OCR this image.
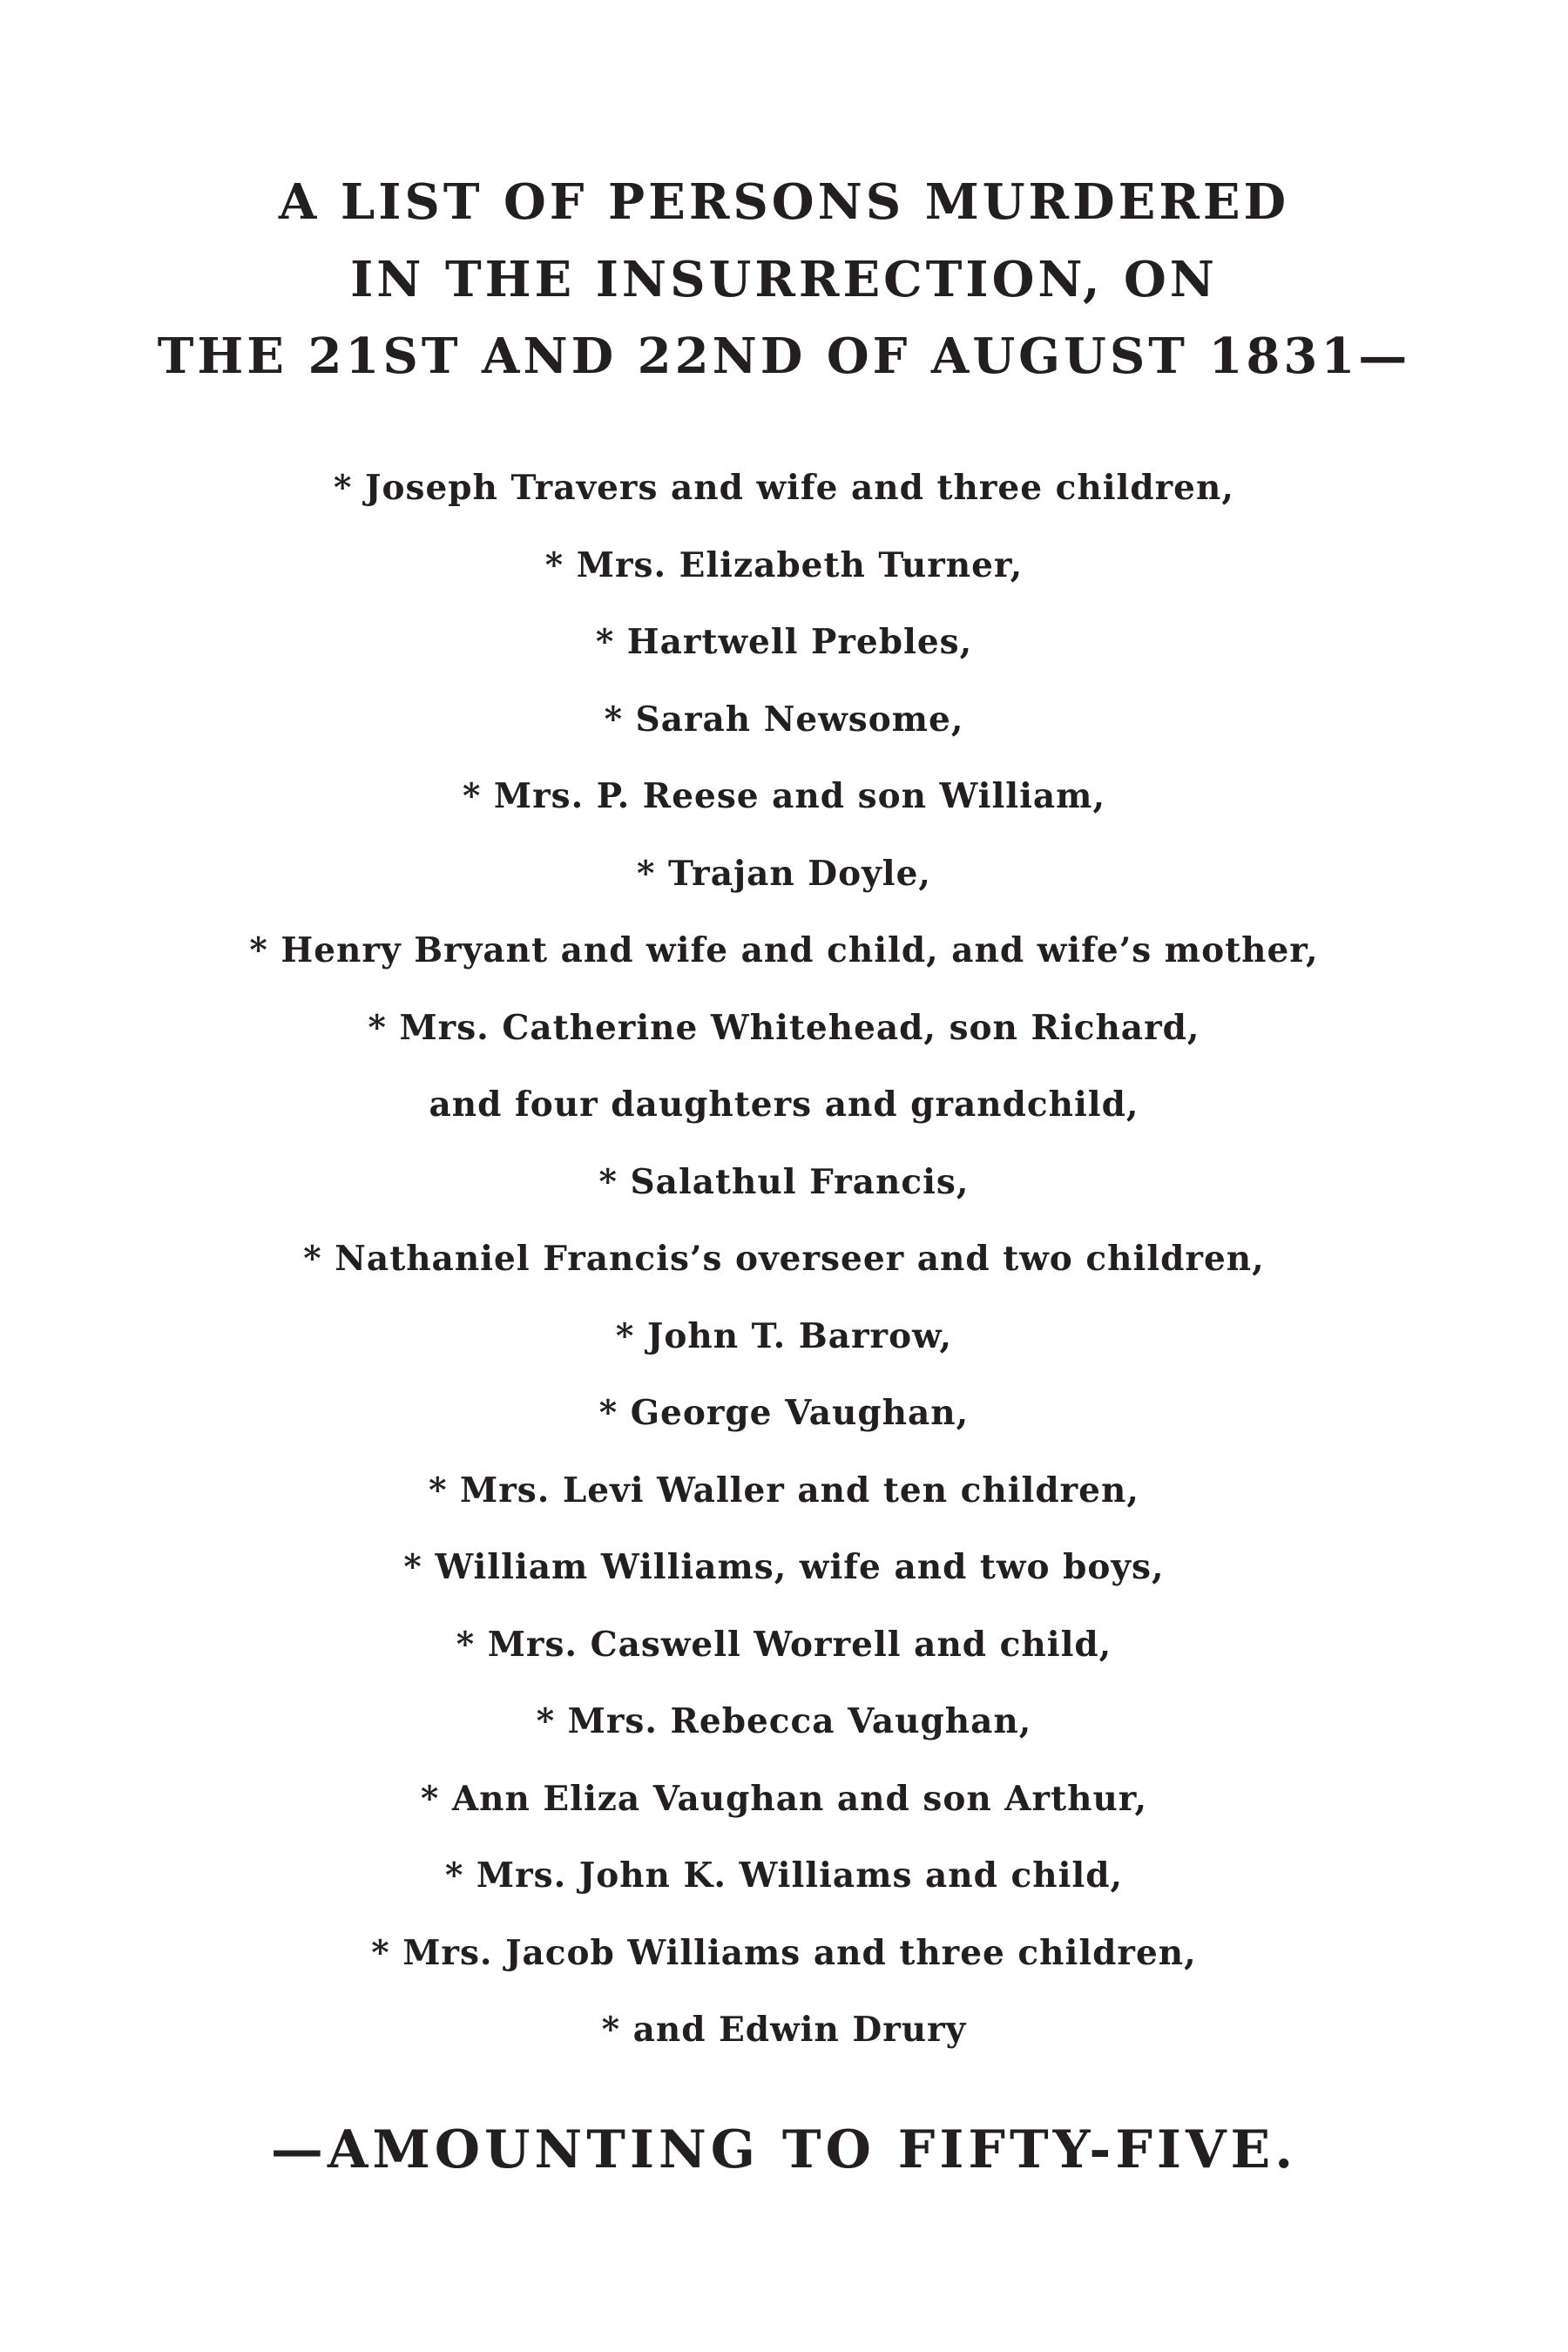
A LIST OF PERSONS MURDERED
IN THE INSURRECTION, ON
THE 21ST AND 22ND OF AUGUST 1831—
* Joseph Travers and wife and three children,
* Mrs. Elizabeth Turner,
* Hartwell Prebles,
* Sarah Newsome,
* Mrs. P. Reese and son William,
* Trajan Doyle,
* Henry Bryant and wife and child, and wife’s mother,
* Mrs. Catherine Whitehead, son Richard,
and four daughters and grandchild,
* Salathul Francis,
* Nathaniel Francis’s overseer and two children,
* John T. Barrow,
* George Vaughan,
* Mrs. Levi Waller and ten children,
* William Williams, wife and two boys,
* Mrs. Caswell Worrell and child,
* Mrs. Rebecca Vaughan,
* Ann Eliza Vaughan and son Arthur,
* Mrs. John K. Williams and child,
* Mrs. Jacob Williams and three children,
* and Edwin Drury
—AMOUNTING TO FIFTY-FIVE.
